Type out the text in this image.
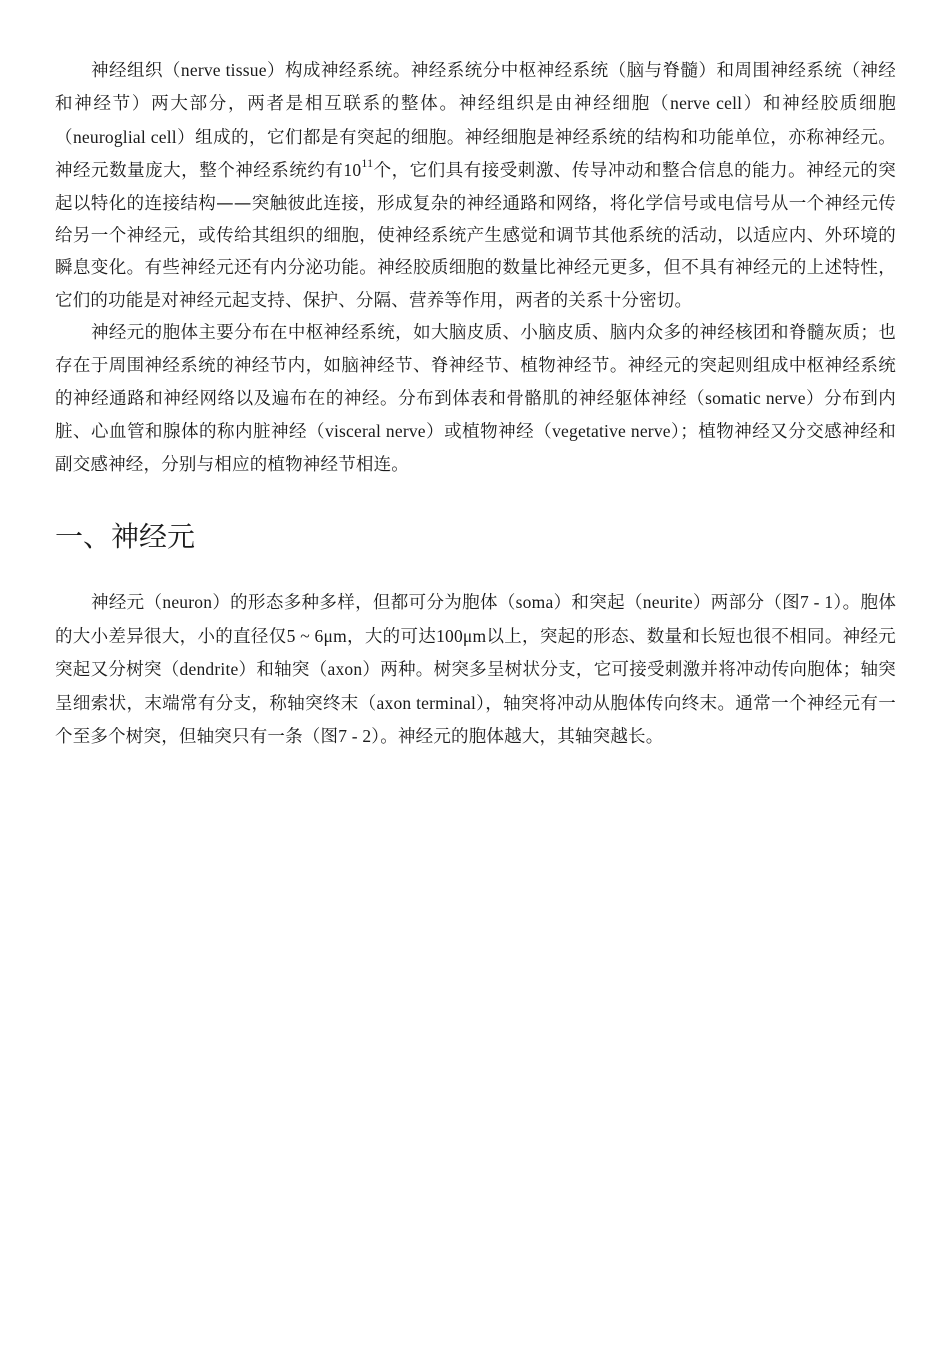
神经组织（nerve tissue）构成神经系统。神经系统分中枢神经系统（脑与脊髓）和周围神经系统（神经和神经节）两大部分，两者是相互联系的整体。神经组织是由神经细胞（nerve cell）和神经胶质细胞（neuroglial cell）组成的，它们都是有突起的细胞。神经细胞是神经系统的结构和功能单位，亦称神经元。神经元数量庞大，整个神经系统约有$10^{11}$个，它们具有接受刺激、传导冲动和整合信息的能力。神经元的突起以特化的连接结构——突触彼此连接，形成复杂的神经通路和网络，将化学信号或电信号从一个神经元传给另一个神经元，或传给其组织的细胞，使神经系统产生感觉和调节其他系统的活动，以适应内、外环境的瞬息变化。有些神经元还有内分泌功能。神经胶质细胞的数量比神经元更多，但不具有神经元的上述特性，它们的功能是对神经元起支持、保护、分隔、营养等作用，两者的关系十分密切。

神经元的胞体主要分布在中枢神经系统，如大脑皮质、小脑皮质、脑内众多的神经核团和脊髓灰质；也存在于周围神经系统的神经节内，如脑神经节、脊神经节、植物神经节。神经元的突起则组成中枢神经系统的神经通路和神经网络以及遍布在的神经。分布到体表和骨骼肌的神经躯体神经（somatic nerve）分布到内脏、心血管和腺体的称内脏神经（visceral nerve）或植物神经（vegetative nerve）；植物神经又分交感神经和副交感神经，分别与相应的植物神经节相连。

一、神经元

神经元（neuron）的形态多种多样，但都可分为胞体（soma）和突起（neurite）两部分（图7 - 1）。胞体的大小差异很大，小的直径仅5 ~ 6μm，大的可达100μm以上，突起的形态、数量和长短也很不相同。神经元突起又分树突（dendrite）和轴突（axon）两种。树突多呈树状分支，它可接受刺激并将冲动传向胞体；轴突呈细索状，末端常有分支，称轴突终末（axon terminal），轴突将冲动从胞体传向终末。通常一个神经元有一个至多个树突，但轴突只有一条（图7 - 2）。神经元的胞体越大，其轴突越长。
